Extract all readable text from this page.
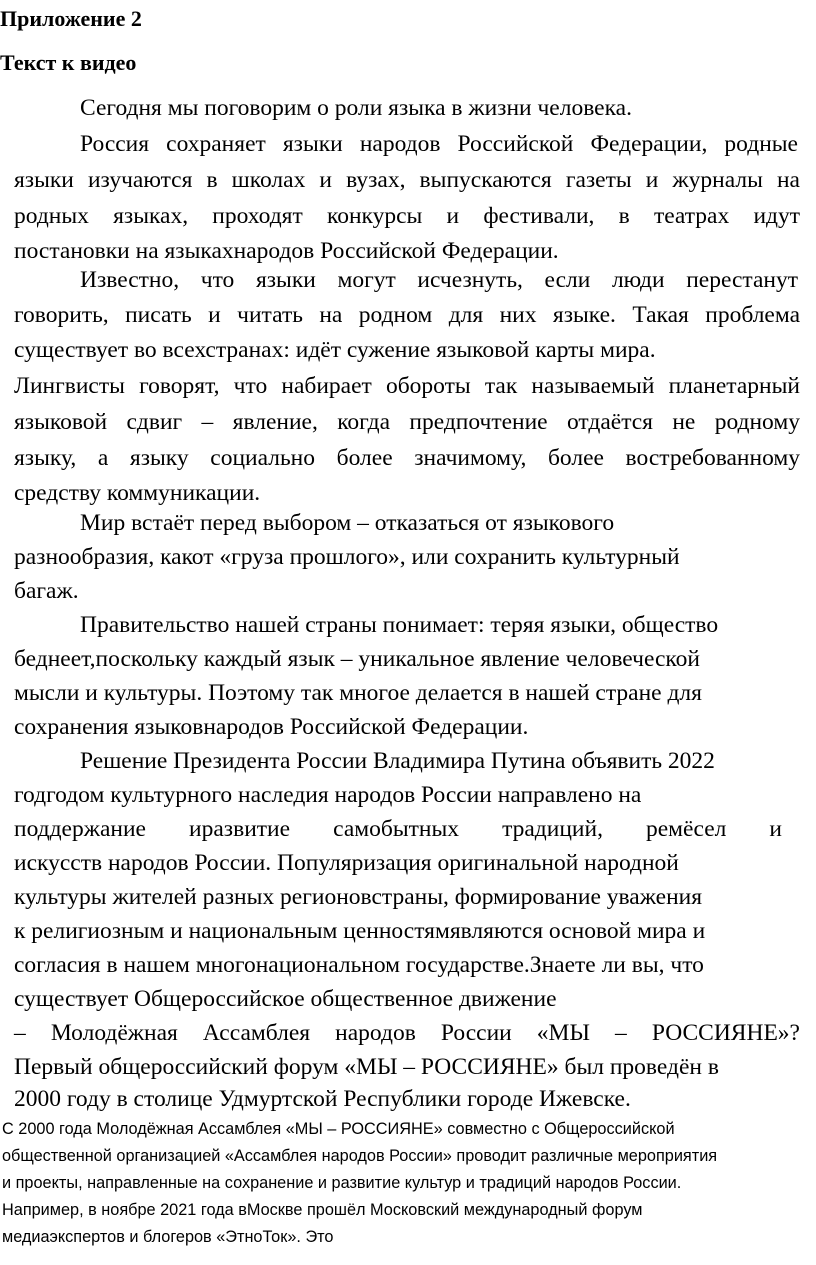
Приложение 2
Текст к видео
Сегодня мы поговорим о роли языка в жизни человека.
Россия сохраняет языки народов Российской Федерации, родные
языки изучаются в школах и вузах, выпускаются газеты и журналы на
родных языках, проходят конкурсы и фестивали, в театрах идут
постановки на языкахнародов Российской Федерации.
Известно, что языки могут исчезнуть, если люди перестанут
говорить, писать и читать на родном для них языке. Такая проблема
существует во всехстранах: идёт сужение языковой карты мира.
Лингвисты говорят, что набирает обороты так называемый планетарный
языковой сдвиг – явление, когда предпочтение отдаётся не родному
языку, а языку социально более значимому, более востребованному
средству коммуникации.
Мир встаёт перед выбором – отказаться от языкового
разнообразия, какот «груза прошлого», или сохранить культурный
багаж.
Правительство нашей страны понимает: теряя языки, общество
беднеет,поскольку каждый язык – уникальное явление человеческой
мысли и культуры. Поэтому так многое делается в нашей стране для
сохранения языковнародов Российской Федерации.
Решение Президента России Владимира Путина объявить 2022
годгодом культурного наследия народов России направлено на
поддержание иразвитие самобытных традиций, ремёсел и
искусств народов России. Популяризация оригинальной народной
культуры жителей разных регионовстраны, формирование уважения
к религиозным и национальным ценностямявляются основой мира и
согласия в нашем многонациональном государстве.Знаете ли вы, что
существует Общероссийское общественное движение
– Молодёжная Ассамблея народов России «МЫ – РОССИЯНЕ»?
Первый общероссийский форум «МЫ – РОССИЯНЕ» был проведён в
2000 году в столице Удмуртской Республики городе Ижевске.
С 2000 года Молодёжная Ассамблея «МЫ – РОССИЯНЕ» совместно с Общероссийской
общественной организацией «Ассамблея народов России» проводит различные мероприятия
и проекты, направленные на сохранение и развитие культур и традиций народов России.
Например, в ноябре 2021 года вМоскве прошёл Московский международный форум
медиаэкспертов и блогеров «ЭтноТок». Это
